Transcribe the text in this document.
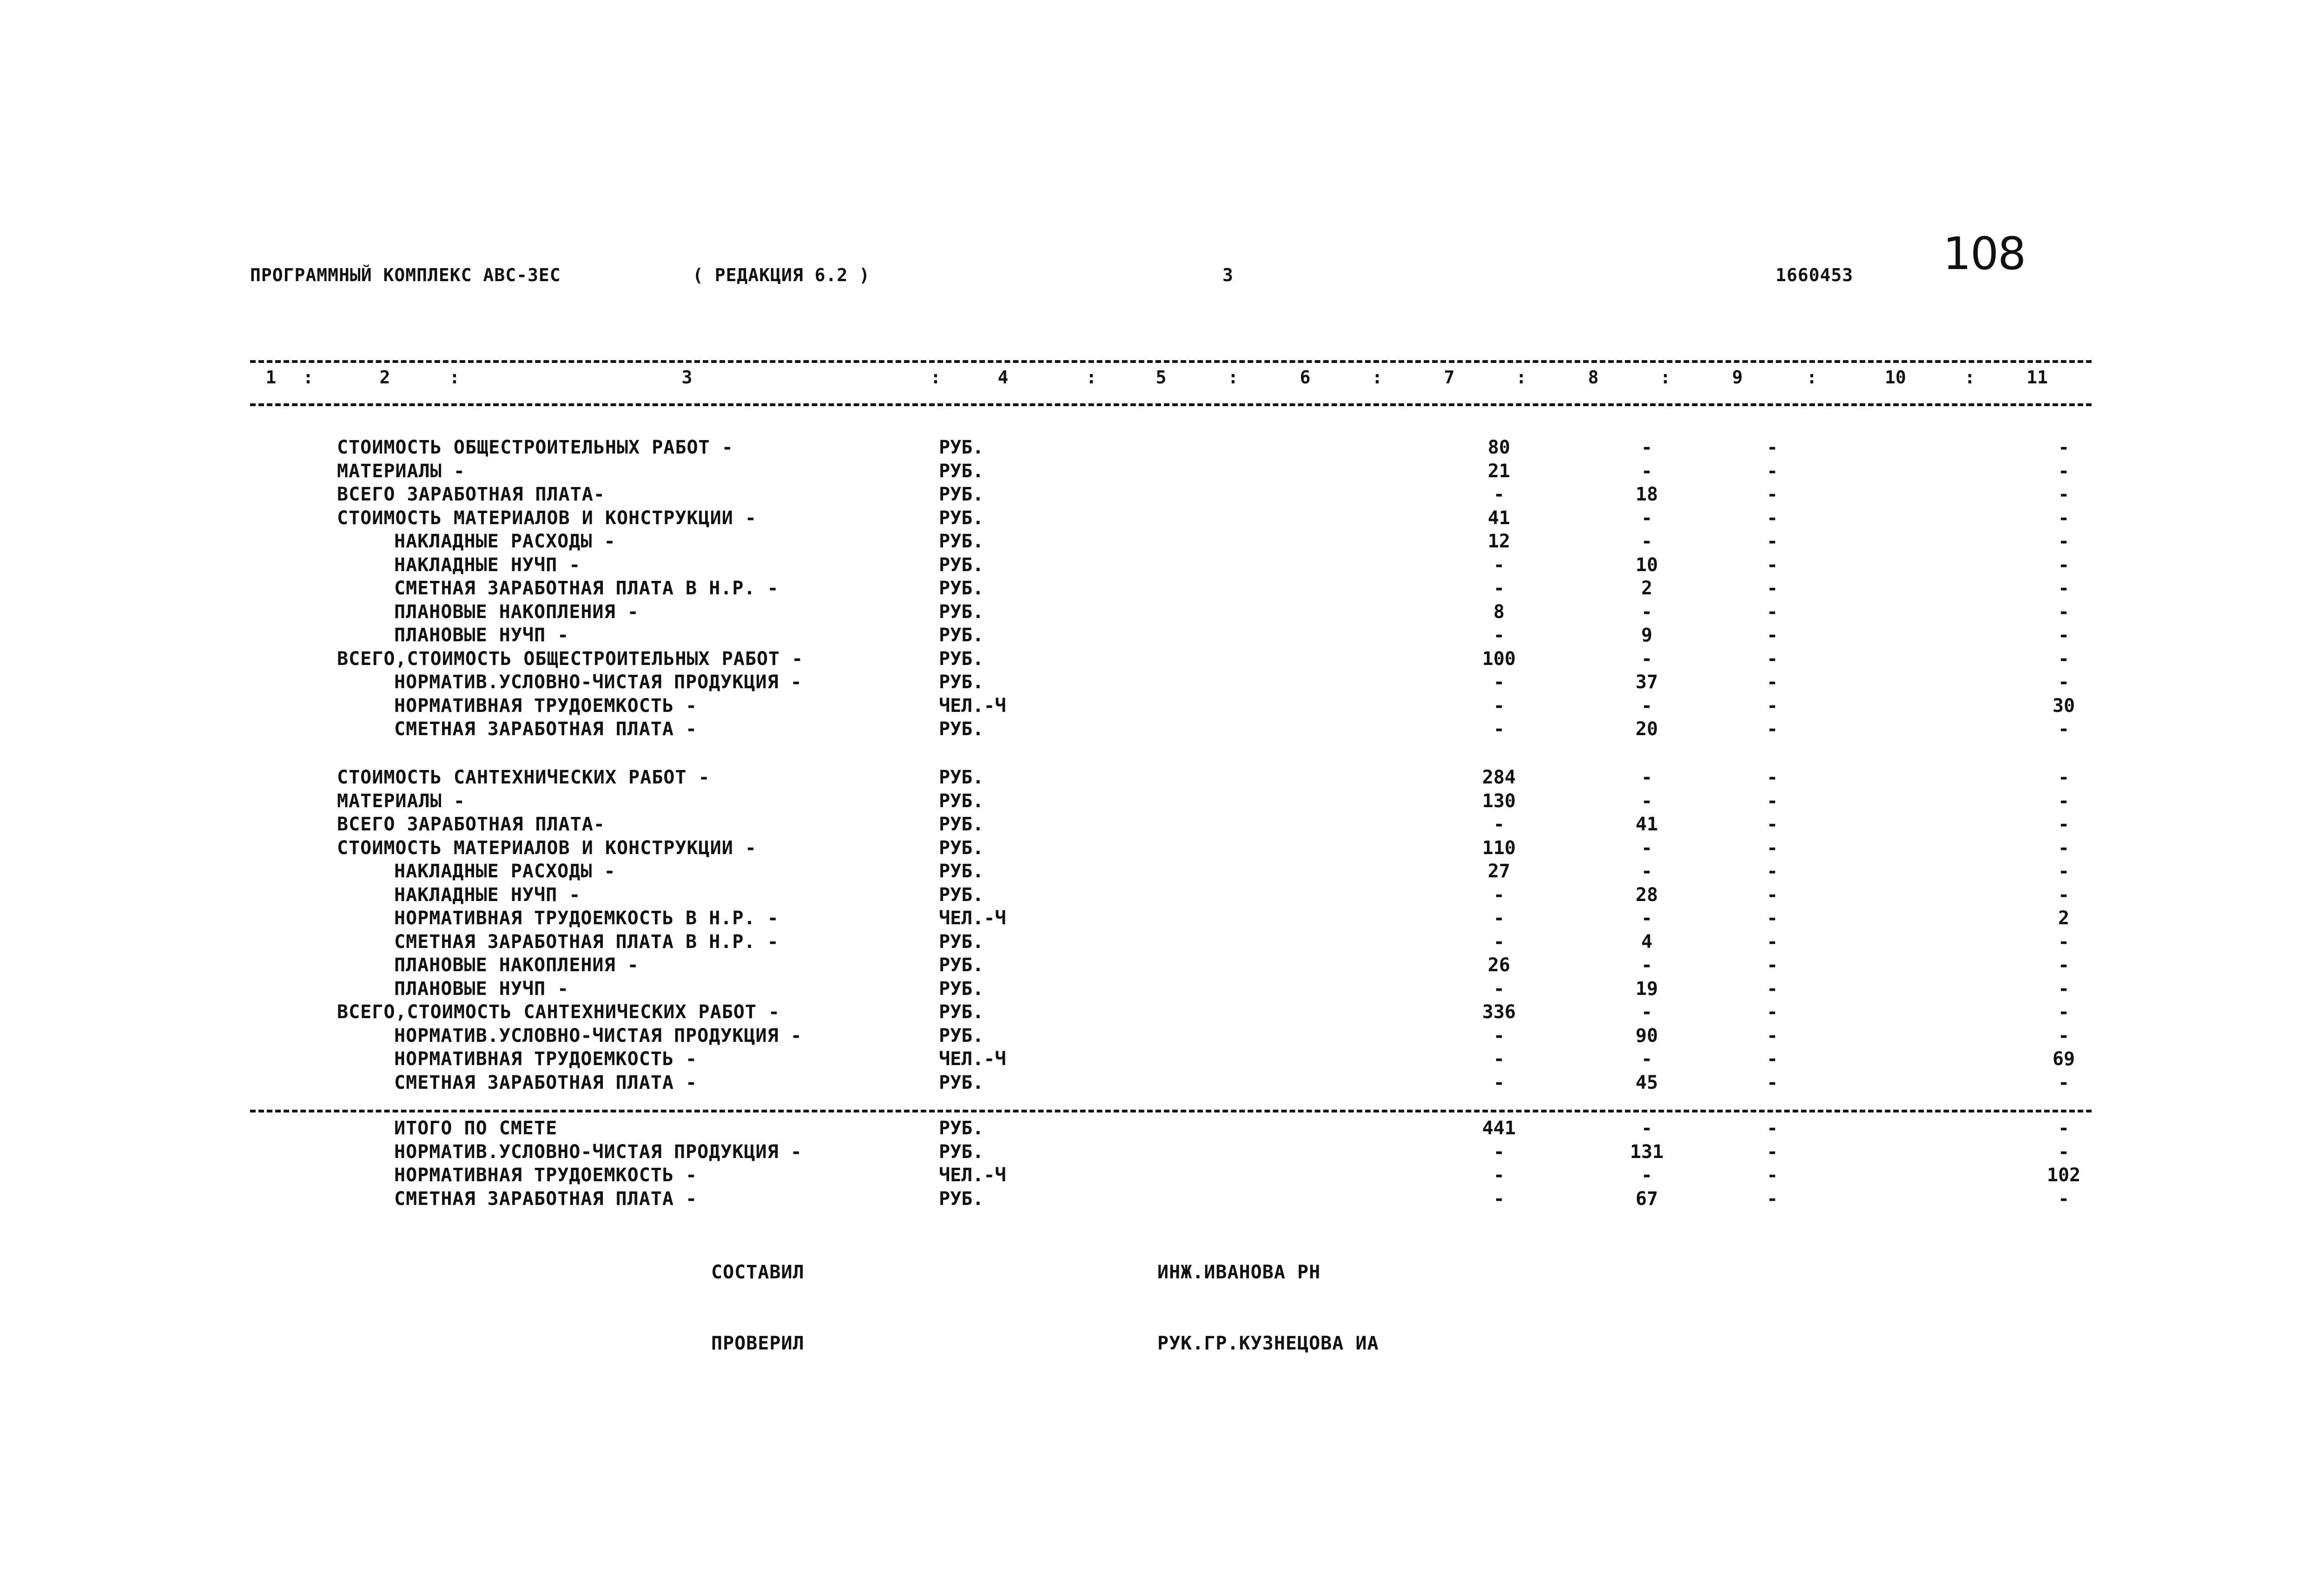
ПРОГРАММНЫЙ КОМПЛЕКС АВС-3ЕС	( РЕДАКЦИЯ 6.2 )	3	1660453 108
1	2	3	4	5	6	7	8	9	10	11
:	:	:	:	:	:	:	:	:	:
СТОИМОСТЬ ОБЩЕСТРОИТЕЛЬНЫХ РАБОТ -	РУБ.	80	-	-	-
МАТЕРИАЛЫ -	РУБ.	21	-	-	-
ВСЕГО ЗАРАБОТНАЯ ПЛАТА-	РУБ.	-	18	-	-
СТОИМОСТЬ МАТЕРИАЛОВ И КОНСТРУКЦИИ -	РУБ.	41	-	-	-
НАКЛАДНЫЕ РАСХОДЫ -	РУБ.	12	-	-	-
НАКЛАДНЫЕ НУЧП -	РУБ.	-	10	-	-
СМЕТНАЯ ЗАРАБОТНАЯ ПЛАТА В Н.Р. -	РУБ.	-	2	-	-
ПЛАНОВЫЕ НАКОПЛЕНИЯ -	РУБ.	8	-	-	-
ПЛАНОВЫЕ НУЧП -	РУБ.	-	9	-	-
ВСЕГО,СТОИМОСТЬ ОБЩЕСТРОИТЕЛЬНЫХ РАБОТ -	РУБ.	100	-	-	-
НОРМАТИВ.УСЛОВНО-ЧИСТАЯ ПРОДУКЦИЯ -	РУБ.	-	37	-	-
НОРМАТИВНАЯ ТРУДОЕМКОСТЬ -	ЧЕЛ.-Ч	-	-	-	30
СМЕТНАЯ ЗАРАБОТНАЯ ПЛАТА -	РУБ.	-	20	-	-
СТОИМОСТЬ САНТЕХНИЧЕСКИХ РАБОТ -	РУБ.	284	-	-	-
МАТЕРИАЛЫ -	РУБ.	130	-	-	-
ВСЕГО ЗАРАБОТНАЯ ПЛАТА-	РУБ.	-	41	-	-
СТОИМОСТЬ МАТЕРИАЛОВ И КОНСТРУКЦИИ -	РУБ.	110	-	-	-
НАКЛАДНЫЕ РАСХОДЫ -	РУБ.	27	-	-	-
НАКЛАДНЫЕ НУЧП -	РУБ.	-	28	-	-
НОРМАТИВНАЯ ТРУДОЕМКОСТЬ В Н.Р. -	ЧЕЛ.-Ч	-	-	-	2
СМЕТНАЯ ЗАРАБОТНАЯ ПЛАТА В Н.Р. -	РУБ.	-	4	-	-
ПЛАНОВЫЕ НАКОПЛЕНИЯ -	РУБ.	26	-	-	-
ПЛАНОВЫЕ НУЧП -	РУБ.	-	19	-	-
ВСЕГО,СТОИМОСТЬ САНТЕХНИЧЕСКИХ РАБОТ -	РУБ.	336	-	-	-
НОРМАТИВ.УСЛОВНО-ЧИСТАЯ ПРОДУКЦИЯ -	РУБ.	-	90	-	-
НОРМАТИВНАЯ ТРУДОЕМКОСТЬ -	ЧЕЛ.-Ч	-	-	-	69
СМЕТНАЯ ЗАРАБОТНАЯ ПЛАТА -	РУБ.	-	45	-	-
ИТОГО ПО СМЕТЕ	РУБ.	441	-	-	-
НОРМАТИВ.УСЛОВНО-ЧИСТАЯ ПРОДУКЦИЯ -	РУБ.	-	131	-	-
НОРМАТИВНАЯ ТРУДОЕМКОСТЬ -	ЧЕЛ.-Ч	-	-	-	102
СМЕТНАЯ ЗАРАБОТНАЯ ПЛАТА -	РУБ.	-	67	-	-
СОСТАВИЛ	ИНЖ.ИВАНОВА РН
ПРОВЕРИЛ	РУК.ГР.КУЗНЕЦОВА ИА
